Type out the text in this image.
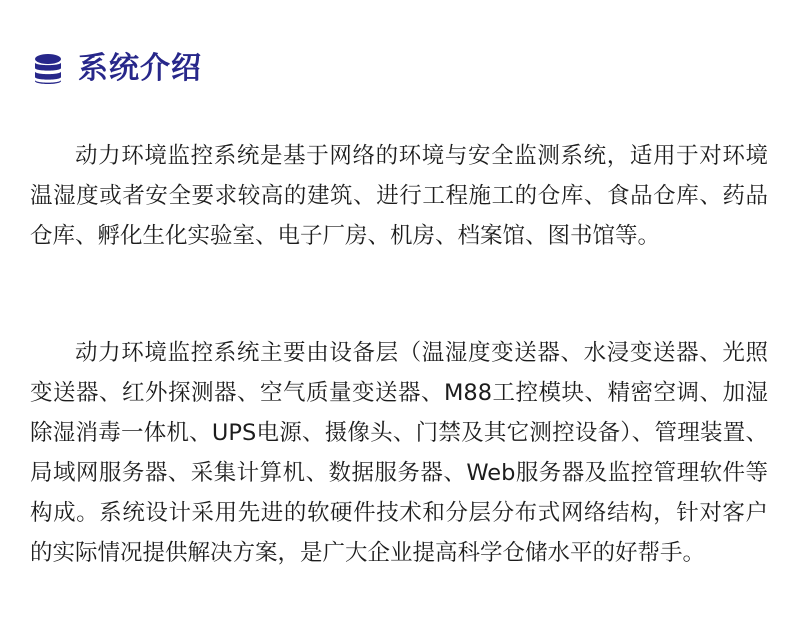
系统介绍

动力环境监控系统是基于网络的环境与安全监测系统，适用于对环境温湿度或者安全要求较高的建筑、进行工程施工的仓库、食品仓库、药品仓库、孵化生化实验室、电子厂房、机房、档案馆、图书馆等。

动力环境监控系统主要由设备层（温湿度变送器、水浸变送器、光照变送器、红外探测器、空气质量变送器、M88工控模块、精密空调、加湿除湿消毒一体机、UPS电源、摄像头、门禁及其它测控设备）、管理装置、局域网服务器、采集计算机、数据服务器、Web服务器及监控管理软件等构成。系统设计采用先进的软硬件技术和分层分布式网络结构，针对客户的实际情况提供解决方案，是广大企业提高科学仓储水平的好帮手。
